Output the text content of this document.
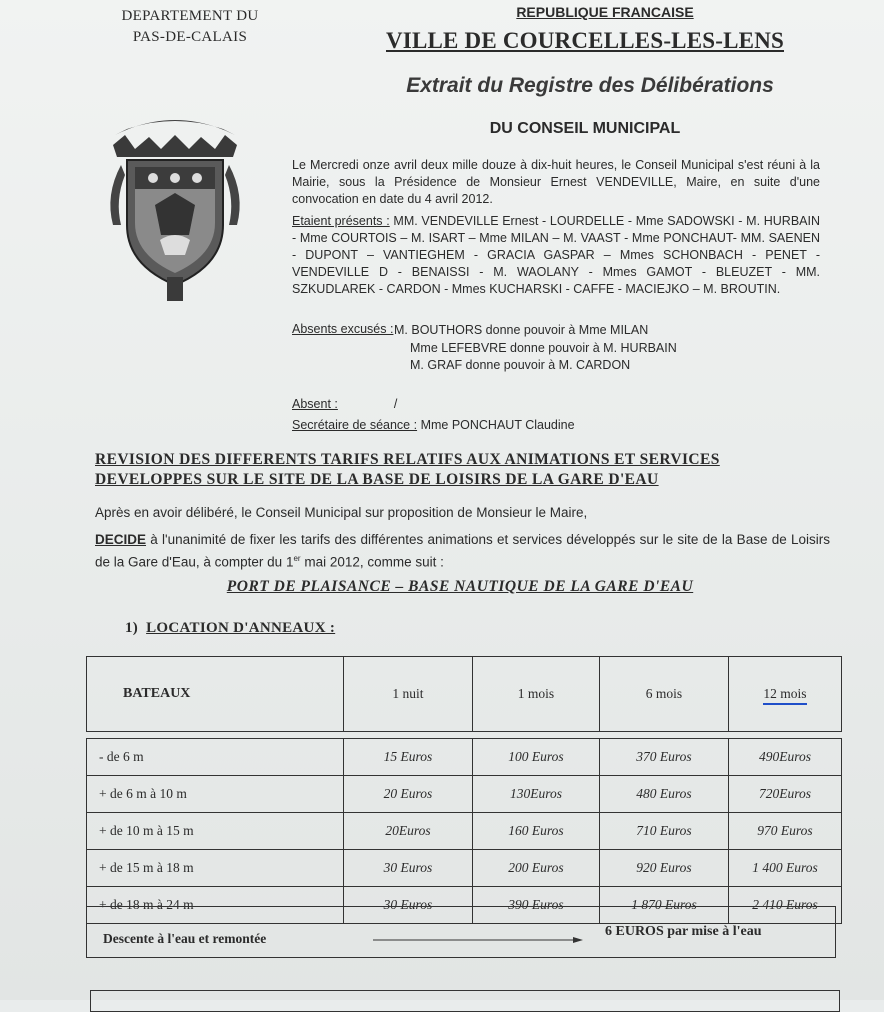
DEPARTEMENT DU
PAS-DE-CALAIS
REPUBLIQUE FRANCAISE
VILLE DE COURCELLES-LES-LENS
Extrait du Registre des Délibérations
DU CONSEIL MUNICIPAL
Le Mercredi onze avril deux mille douze à dix-huit heures, le Conseil Municipal s'est réuni à la Mairie, sous la Présidence de Monsieur Ernest VENDEVILLE, Maire, en suite d'une convocation en date du 4 avril 2012.
Etaient présents : MM. VENDEVILLE Ernest - LOURDELLE - Mme SADOWSKI - M. HURBAIN - Mme COURTOIS – M. ISART – Mme MILAN – M. VAAST - Mme PONCHAUT- MM. SAENEN - DUPONT – VANTIEGHEM - GRACIA GASPAR – Mmes SCHONBACH - PENET - VENDEVILLE D - BENAISSI - M. WAOLANY - Mmes GAMOT - BLEUZET - MM. SZKUDLAREK - CARDON - Mmes KUCHARSKI - CAFFE - MACIEJKO – M. BROUTIN.
Absents excusés : M. BOUTHORS donne pouvoir à Mme MILAN
Mme LEFEBVRE donne pouvoir à M. HURBAIN
M. GRAF donne pouvoir à M. CARDON
Absent :	/
Secrétaire de séance : Mme PONCHAUT Claudine
REVISION DES DIFFERENTS TARIFS RELATIFS AUX ANIMATIONS ET SERVICES DEVELOPPES SUR LE SITE DE LA BASE DE LOISIRS DE LA GARE D'EAU
Après en avoir délibéré, le Conseil Municipal sur proposition de Monsieur le Maire,
DECIDE à l'unanimité de fixer les tarifs des différentes animations et services développés sur le site de la Base de Loisirs de la Gare d'Eau, à compter du 1er mai 2012, comme suit :
PORT DE PLAISANCE – BASE NAUTIQUE DE LA GARE D'EAU
1) LOCATION D'ANNEAUX :
BATEAUX	1 nuit	1 mois	6 mois	12 mois

- de 6 m	15 Euros	100 Euros	370 Euros	490Euros
+ de 6 m à 10 m	20 Euros	130Euros	480 Euros	720Euros
+ de 10 m à 15 m	20Euros	160 Euros	710 Euros	970 Euros
+ de 15 m à 18 m	30 Euros	200 Euros	920 Euros	1 400 Euros
+ de 18 m à 24 m	30 Euros	390 Euros	1 870 Euros	2 410 Euros
Descente à l'eau et remontée	6 EUROS par mise à l'eau
